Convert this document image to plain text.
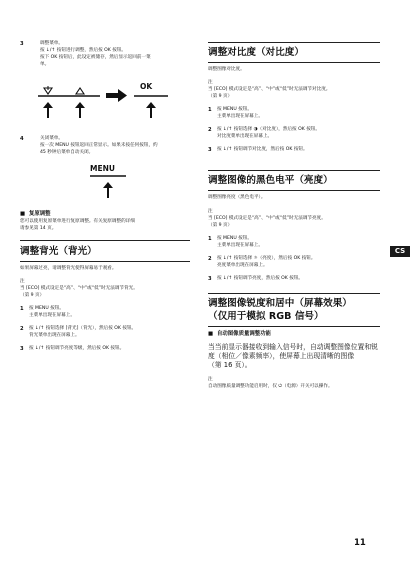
3	调整菜单。
按 ↓/↑ 按钮进行调整，然后按 OK 按钮。
按下 OK 按钮后，此设定被储存，然后显示返回前一菜
单。
OK
4	关闭菜单。
按一次 MENU 按钮返回正常显示。如果未按任何按钮，约
45 秒钟后菜单自动关闭。
MENU
■ 复原调整
您可以使用复原菜单进行复原调整。有关复原调整的详细
请参见第 14 页。
调整背光（背光）
如果屏幕过亮，请调整背光使得屏幕易于观看。
注
当 [ECO] 模式设定是“高”、“中”或“低”时无法调节背光。
（第 9 页）
1 按 MENU 按钮。
主菜单出现在屏幕上。
2 按 ↓/↑ 按钮选择 [背光]（背光），然后按 OK 按钮。
背光菜单出现在屏幕上。
3 按 ↓/↑ 按钮调节亮度等级，然后按 OK 按钮。
调整对比度（对比度）
调整图像对比度。
注
当 [ECO] 模式设定是“高”、“中”或“低”时无法调节对比度。
（第 9 页）
1 按 MENU 按钮。
主菜单出现在屏幕上。
2 按 ↓/↑ 按钮选择 ◑（对比度），然后按 OK 按钮。
对比度菜单出现在屏幕上。
3 按 ↓/↑ 按钮调节对比度，然后按 OK 按钮。
调整图像的黑色电平（亮度）
调整图像亮度（黑色电平）。
注
当 [ECO] 模式设定是“高”、“中”或“低”时无法调节亮度。
（第 9 页）
1 按 MENU 按钮。
主菜单出现在屏幕上。
2 按 ↓/↑ 按钮选择 ☼（亮度），然后按 OK 按钮。
亮度菜单出现在屏幕上。
3 按 ↓/↑ 按钮调节亮度，然后按 OK 按钮。
调整图像锐度和居中（屏幕效果）
（仅用于模拟 RGB 信号）
■ 自动图像质量调整功能
当当前显示器接收到输入信号时，自动调整图像位置和锐
度（相位／像素频率），使屏幕上出现清晰的图像
（第 16 页）。
注
自动图像质量调整功能启用时，仅 ⏻（电源）开关可以操作。
CS
11
